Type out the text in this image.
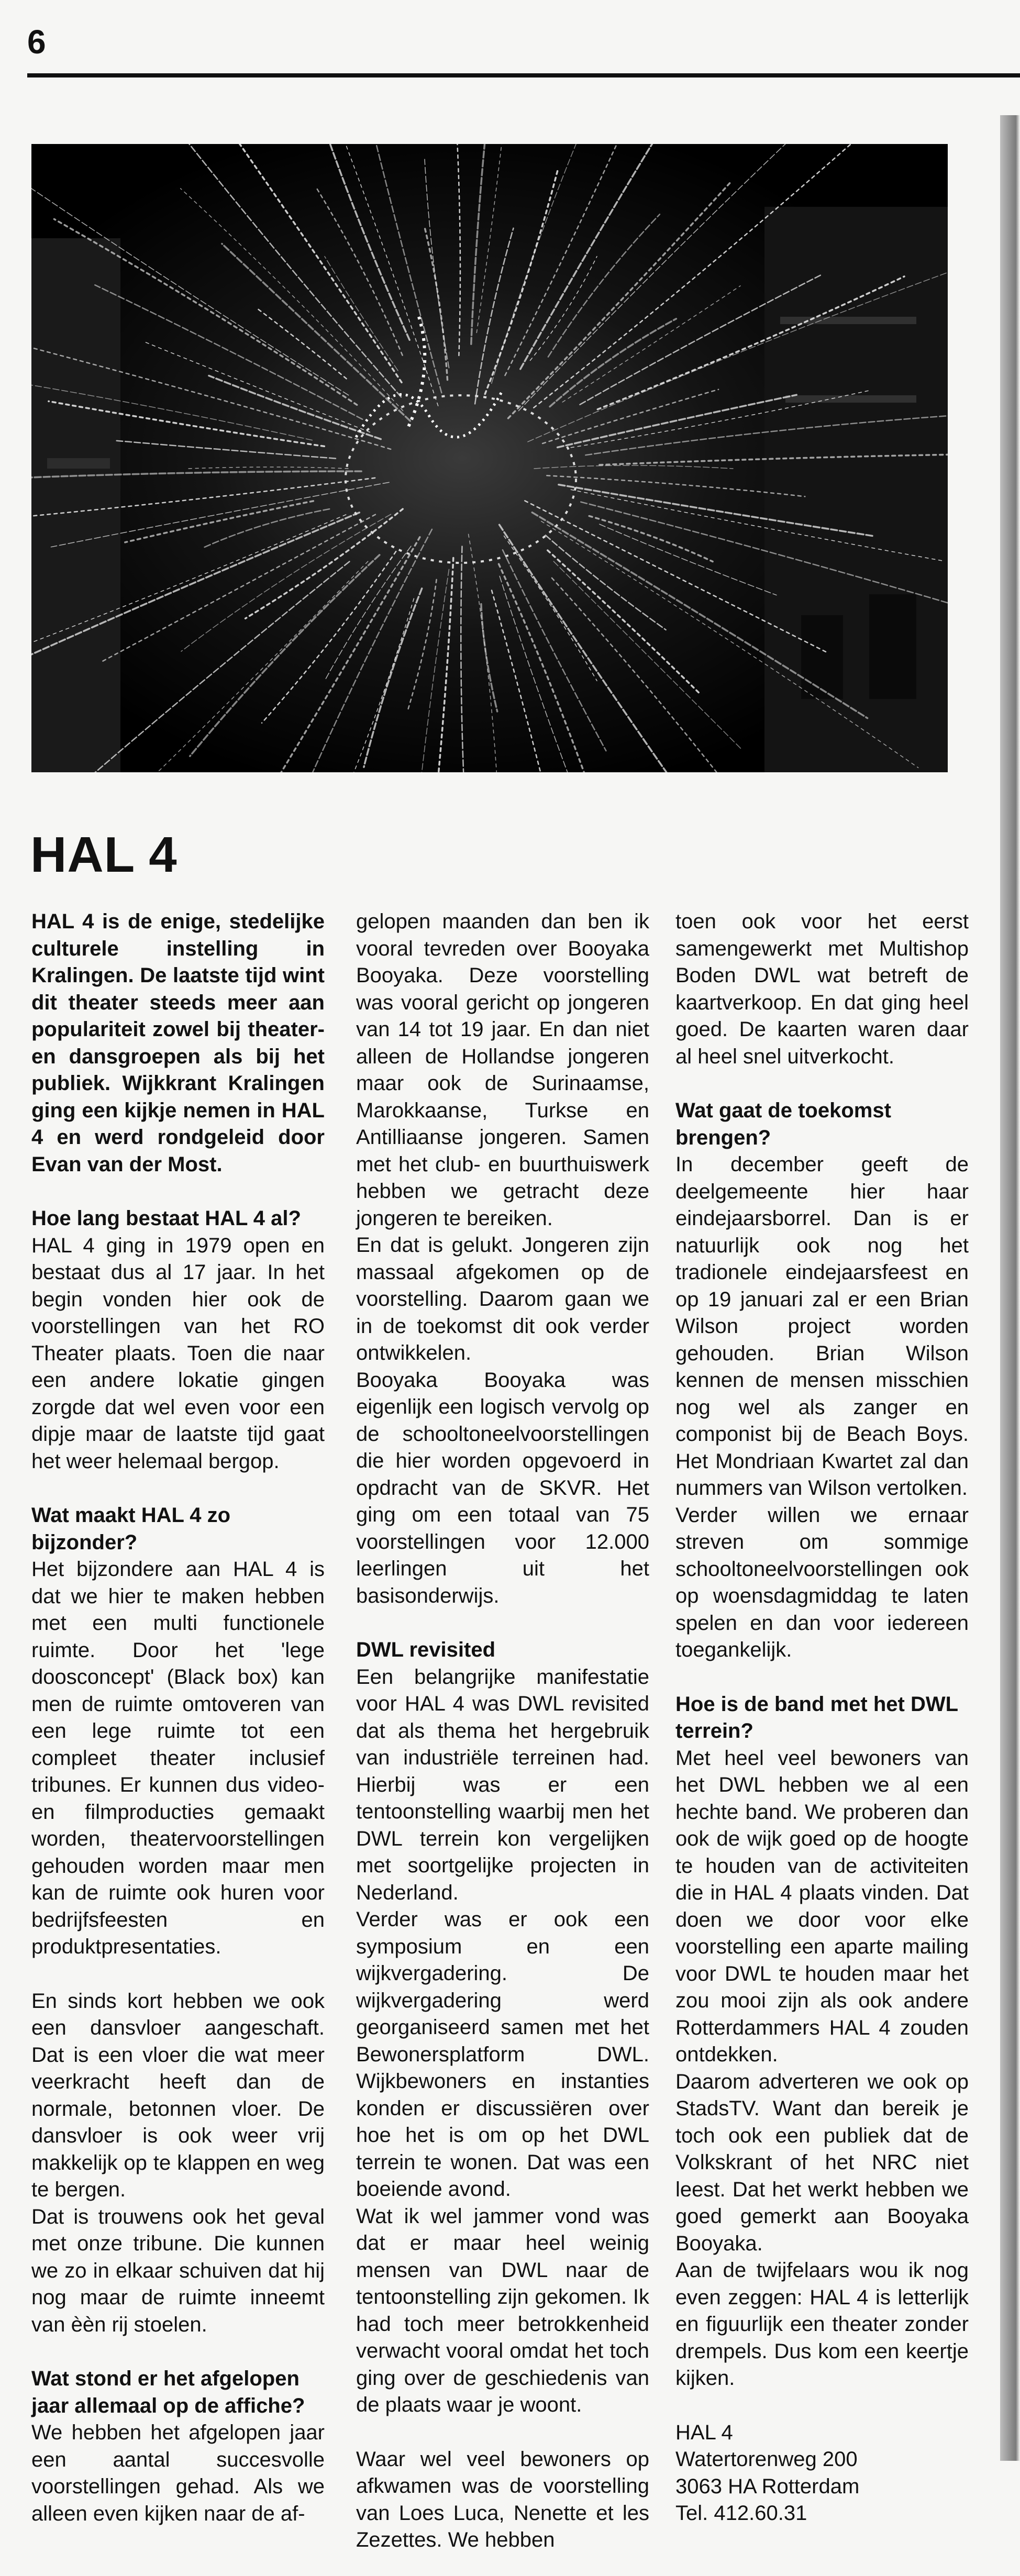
6
HAL 4

HAL 4 is de enige, stedelijke culturele instelling in Kralingen. De laatste tijd wint dit theater steeds meer aan populariteit zowel bij theater- en dansgroepen als bij het publiek. Wijkkrant Kralingen ging een kijkje nemen in HAL 4 en werd rondgeleid door Evan van der Most.

Hoe lang bestaat HAL 4 al?

HAL 4 ging in 1979 open en bestaat dus al 17 jaar. In het begin vonden hier ook de voorstellingen van het RO Theater plaats. Toen die naar een andere lokatie gingen zorgde dat wel even voor een dipje maar de laatste tijd gaat het weer helemaal bergop.

Wat maakt HAL 4 zo bijzonder?

Het bijzondere aan HAL 4 is dat we hier te maken hebben met een multi functionele ruimte. Door het 'lege doosconcept' (Black box) kan men de ruimte omtoveren van een lege ruimte tot een compleet theater inclusief tribunes. Er kunnen dus video- en filmproducties gemaakt worden, theatervoorstellingen gehouden worden maar men kan de ruimte ook huren voor bedrijfsfeesten en produktpresentaties.

En sinds kort hebben we ook een dansvloer aangeschaft. Dat is een vloer die wat meer veerkracht heeft dan de normale, betonnen vloer. De dansvloer is ook weer vrij makkelijk op te klappen en weg te bergen.

Dat is trouwens ook het geval met onze tribune. Die kunnen we zo in elkaar schuiven dat hij nog maar de ruimte inneemt van èèn rij stoelen.

Wat stond er het afgelopen jaar allemaal op de affiche?

We hebben het afgelopen jaar een aantal succesvolle voorstellingen gehad. Als we alleen even kijken naar de af-

gelopen maanden dan ben ik vooral tevreden over Booyaka Booyaka. Deze voorstelling was vooral gericht op jongeren van 14 tot 19 jaar. En dan niet alleen de Hollandse jongeren maar ook de Surinaamse, Marokkaanse, Turkse en Antilliaanse jongeren. Samen met het club- en buurthuiswerk hebben we getracht deze jongeren te bereiken.

En dat is gelukt. Jongeren zijn massaal afgekomen op de voorstelling. Daarom gaan we in de toekomst dit ook verder ontwikkelen.

Booyaka Booyaka was eigenlijk een logisch vervolg op de schooltoneelvoorstellingen die hier worden opgevoerd in opdracht van de SKVR. Het ging om een totaal van 75 voorstellingen voor 12.000 leerlingen uit het basisonderwijs.

DWL revisited

Een belangrijke manifestatie voor HAL 4 was DWL revisited dat als thema het hergebruik van industriële terreinen had. Hierbij was er een tentoonstelling waarbij men het DWL terrein kon vergelijken met soortgelijke projecten in Nederland.

Verder was er ook een symposium en een wijkvergadering. De wijkvergadering werd georganiseerd samen met het Bewonersplatform DWL. Wijkbewoners en instanties konden er discussiëren over hoe het is om op het DWL terrein te wonen. Dat was een boeiende avond.

Wat ik wel jammer vond was dat er maar heel weinig mensen van DWL naar de tentoonstelling zijn gekomen. Ik had toch meer betrokkenheid verwacht vooral omdat het toch ging over de geschiedenis van de plaats waar je woont.

Waar wel veel bewoners op afkwamen was de voorstelling van Loes Luca, Nenette et les Zezettes. We hebben

toen ook voor het eerst samengewerkt met Multishop Boden DWL wat betreft de kaartverkoop. En dat ging heel goed. De kaarten waren daar al heel snel uitverkocht.

Wat gaat de toekomst brengen?

In december geeft de deelgemeente hier haar eindejaarsborrel. Dan is er natuurlijk ook nog het tradionele eindejaarsfeest en op 19 januari zal er een Brian Wilson project worden gehouden. Brian Wilson kennen de mensen misschien nog wel als zanger en componist bij de Beach Boys. Het Mondriaan Kwartet zal dan nummers van Wilson vertolken.

Verder willen we ernaar streven om sommige schooltoneelvoorstellingen ook op woensdagmiddag te laten spelen en dan voor iedereen toegankelijk.

Hoe is de band met het DWL terrein?

Met heel veel bewoners van het DWL hebben we al een hechte band. We proberen dan ook de wijk goed op de hoogte te houden van de activiteiten die in HAL 4 plaats vinden. Dat doen we door voor elke voorstelling een aparte mailing voor DWL te houden maar het zou mooi zijn als ook andere Rotterdammers HAL 4 zouden ontdekken.

Daarom adverteren we ook op StadsTV. Want dan bereik je toch ook een publiek dat de Volkskrant of het NRC niet leest. Dat het werkt hebben we goed gemerkt aan Booyaka Booyaka.

Aan de twijfelaars wou ik nog even zeggen: HAL 4 is letterlijk en figuurlijk een theater zonder drempels. Dus kom een keertje kijken.

HAL 4

Watertorenweg 200

3063 HA Rotterdam

Tel. 412.60.31
